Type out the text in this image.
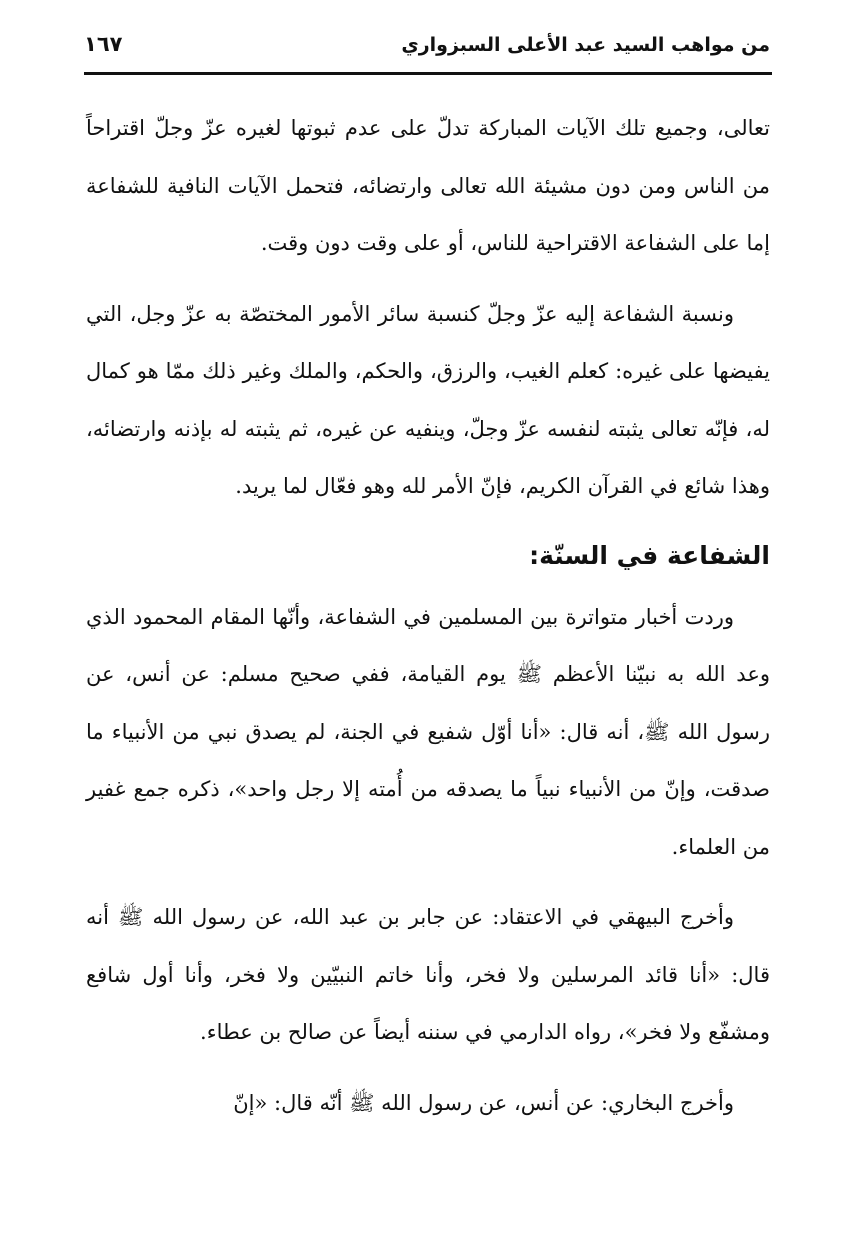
من مواهب السيد عبد الأعلى السبزواري
١٦٧

تعالى، وجميع تلك الآيات المباركة تدلّ على عدم ثبوتها لغيره عزّ وجلّ اقتراحاً من الناس ومن دون مشيئة الله تعالى وارتضائه، فتحمل الآيات النافية للشفاعة إما على الشفاعة الاقتراحية للناس، أو على وقت دون وقت.

ونسبة الشفاعة إليه عزّ وجلّ كنسبة سائر الأمور المختصّة به عزّ وجل، التي يفيضها على غيره: كعلم الغيب، والرزق، والحكم، والملك وغير ذلك ممّا هو كمال له، فإنّه تعالى يثبته لنفسه عزّ وجلّ، وينفيه عن غيره، ثم يثبته له بإذنه وارتضائه، وهذا شائع في القرآن الكريم، فإنّ الأمر لله وهو فعّال لما يريد.

الشفاعة في السنّة:

وردت أخبار متواترة بين المسلمين في الشفاعة، وأنّها المقام المحمود الذي وعد الله به نبيّنا الأعظم ﷺ يوم القيامة، ففي صحيح مسلم: عن أنس، عن رسول الله ﷺ، أنه قال: «أنا أوّل شفيع في الجنة، لم يصدق نبي من الأنبياء ما صدقت، وإنّ من الأنبياء نبياً ما يصدقه من أُمته إلا رجل واحد»، ذكره جمع غفير من العلماء.

وأخرج البيهقي في الاعتقاد: عن جابر بن عبد الله، عن رسول الله ﷺ أنه قال: «أنا قائد المرسلين ولا فخر، وأنا خاتم النبيّين ولا فخر، وأنا أول شافع ومشفّع ولا فخر»، رواه الدارمي في سننه أيضاً عن صالح بن عطاء.

وأخرج البخاري: عن أنس، عن رسول الله ﷺ أنّه قال: «إنّ
